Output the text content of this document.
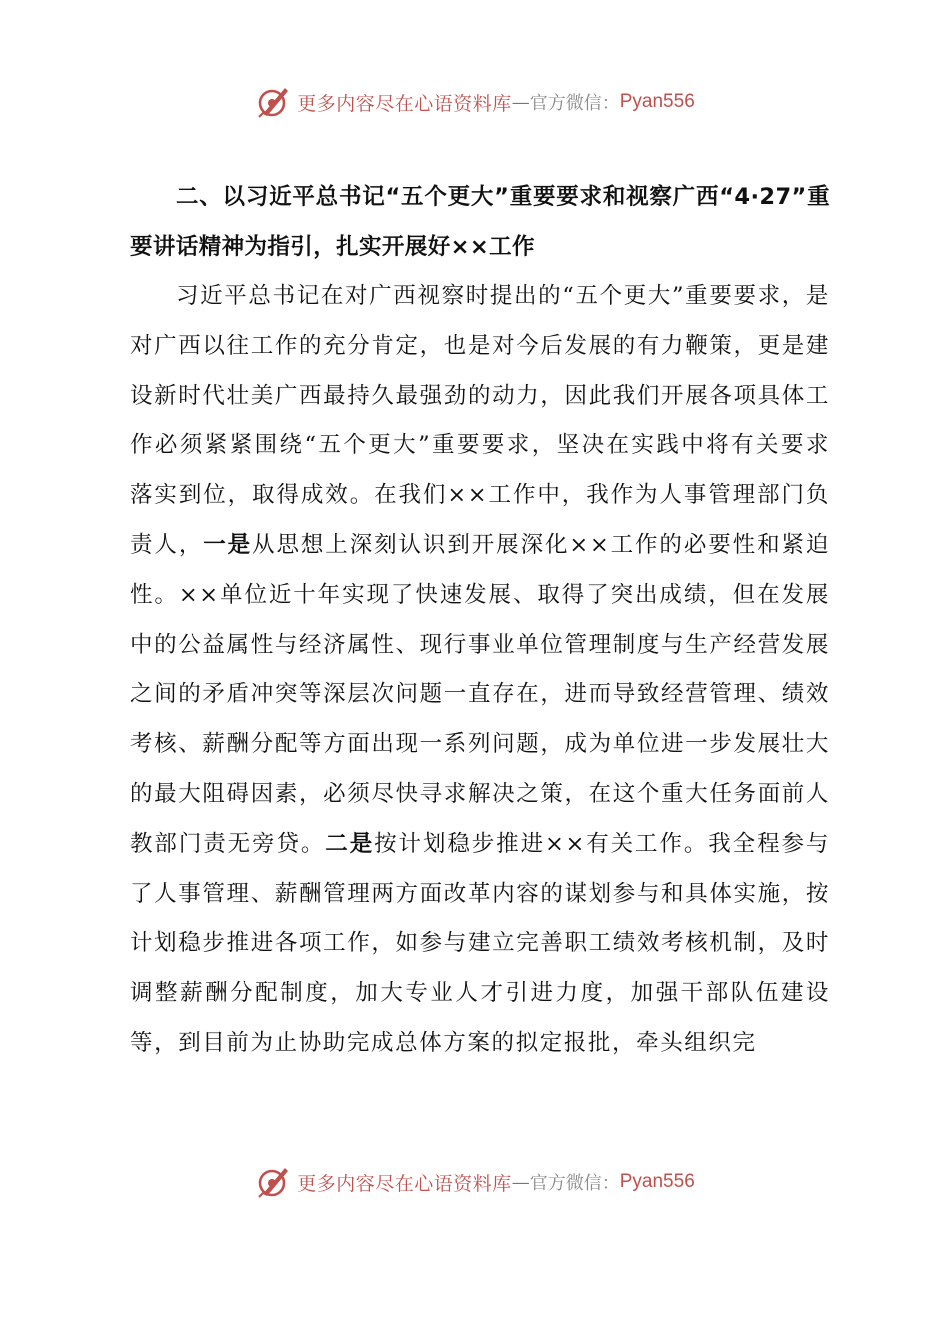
更多内容尽在心语资料库 — 官方微信： Pyan556

二、以习近平总书记“五个更大”重要要求和视察广西“4·27”重要讲话精神为指引，扎实开展好××工作

习近平总书记在对广西视察时提出的“五个更大”重要要求，是对广西以往工作的充分肯定，也是对今后发展的有力鞭策，更是建设新时代壮美广西最持久最强劲的动力，因此我们开展各项具体工作必须紧紧围绕“五个更大”重要要求，坚决在实践中将有关要求落实到位，取得成效。在我们××工作中，我作为人事管理部门负责人，一是从思想上深刻认识到开展深化××工作的必要性和紧迫性。××单位近十年实现了快速发展、取得了突出成绩，但在发展中的公益属性与经济属性、现行事业单位管理制度与生产经营发展之间的矛盾冲突等深层次问题一直存在，进而导致经营管理、绩效考核、薪酬分配等方面出现一系列问题，成为单位进一步发展壮大的最大阻碍因素，必须尽快寻求解决之策，在这个重大任务面前人教部门责无旁贷。二是按计划稳步推进××有关工作。我全程参与了人事管理、薪酬管理两方面改革内容的谋划参与和具体实施，按计划稳步推进各项工作，如参与建立完善职工绩效考核机制，及时调整薪酬分配制度，加大专业人才引进力度，加强干部队伍建设等，到目前为止协助完成总体方案的拟定报批，牵头组织完

更多内容尽在心语资料库 — 官方微信： Pyan556
